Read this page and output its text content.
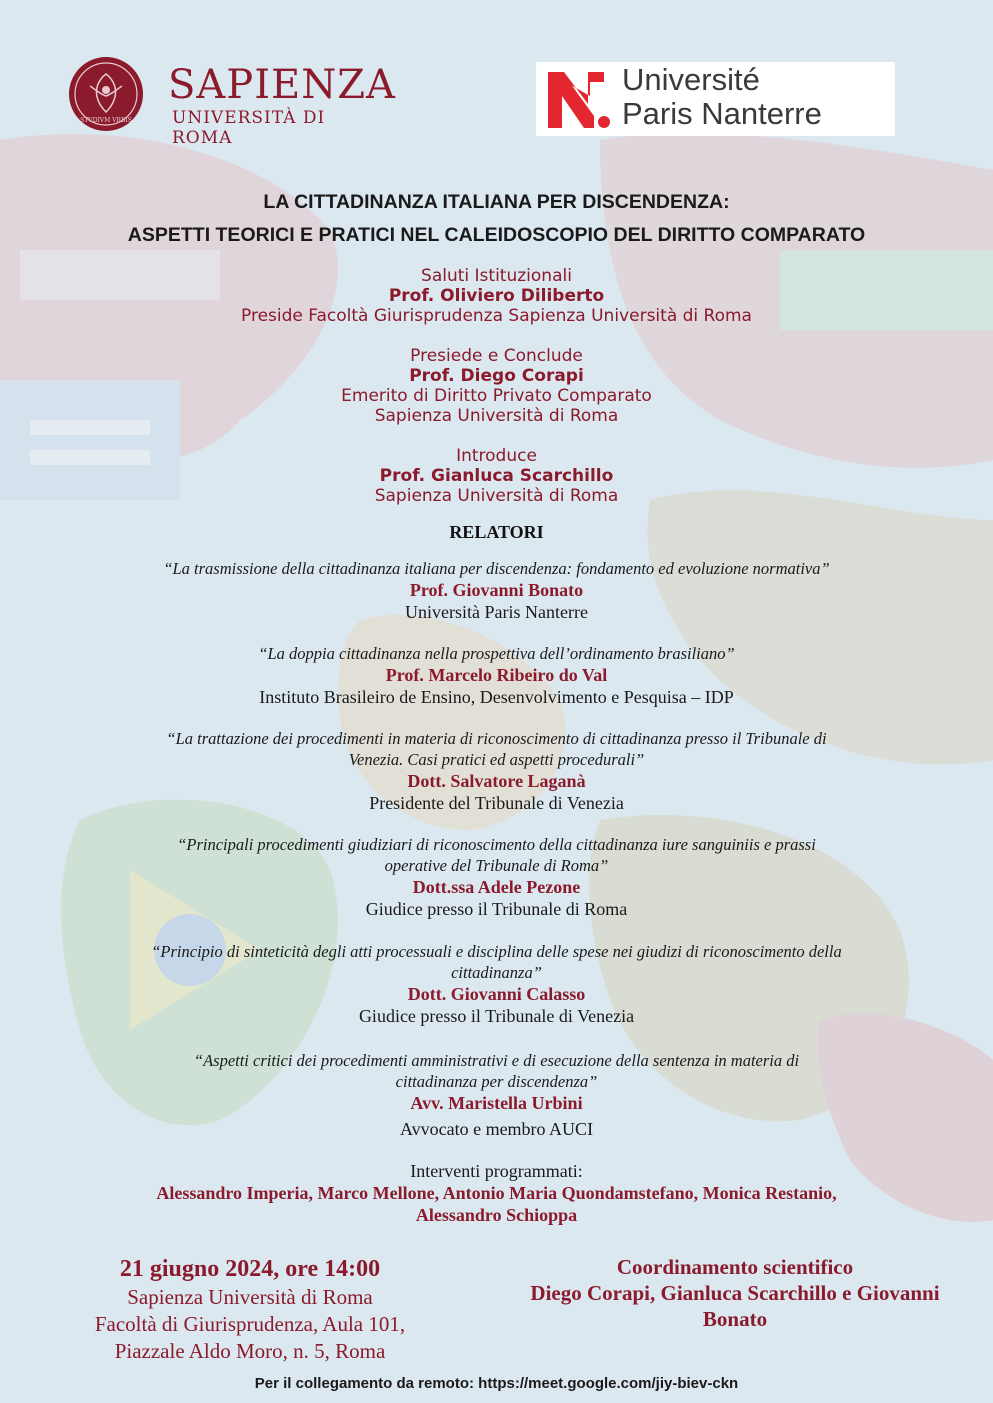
STVDIVM VRBIS
SAPIENZA
UNIVERSITÀ DI ROMA
Université
Paris Nanterre
LA CITTADINANZA ITALIANA PER DISCENDENZA:
ASPETTI TEORICI E PRATICI NEL CALEIDOSCOPIO DEL DIRITTO COMPARATO
Saluti Istituzionali
Prof. Oliviero Diliberto
Preside Facoltà Giurisprudenza Sapienza Università di Roma
Presiede e Conclude
Prof. Diego Corapi
Emerito di Diritto Privato Comparato
Sapienza Università di Roma
Introduce
Prof. Gianluca Scarchillo
Sapienza Università di Roma
RELATORI
“La trasmissione della cittadinanza italiana per discendenza: fondamento ed evoluzione normativa”
Prof. Giovanni Bonato
Università Paris Nanterre
“La doppia cittadinanza nella prospettiva dell’ordinamento brasiliano”
Prof. Marcelo Ribeiro do Val
Instituto Brasileiro de Ensino, Desenvolvimento e Pesquisa – IDP
“La trattazione dei procedimenti in materia di riconoscimento di cittadinanza presso il Tribunale di
Venezia. Casi pratici ed aspetti procedurali”
Dott. Salvatore Laganà
Presidente del Tribunale di Venezia
“Principali procedimenti giudiziari di riconoscimento della cittadinanza iure sanguiniis e prassi
operative del Tribunale di Roma”
Dott.ssa Adele Pezone
Giudice presso il Tribunale di Roma
“Principio di sinteticità degli atti processuali e disciplina delle spese nei giudizi di riconoscimento della
cittadinanza”
Dott. Giovanni Calasso
Giudice presso il Tribunale di Venezia
“Aspetti critici dei procedimenti amministrativi e di esecuzione della sentenza in materia di
cittadinanza per discendenza”
Avv. Maristella Urbini
Avvocato e membro AUCI
Interventi programmati:
Alessandro Imperia, Marco Mellone, Antonio Maria Quondamstefano, Monica Restanio,
Alessandro Schioppa
21 giugno 2024, ore 14:00
Sapienza Università di Roma
Facoltà di Giurisprudenza, Aula 101,
Piazzale Aldo Moro, n. 5, Roma
Coordinamento scientifico
Diego Corapi, Gianluca Scarchillo e Giovanni
Bonato
Per il collegamento da remoto: https://meet.google.com/jiy-biev-ckn
